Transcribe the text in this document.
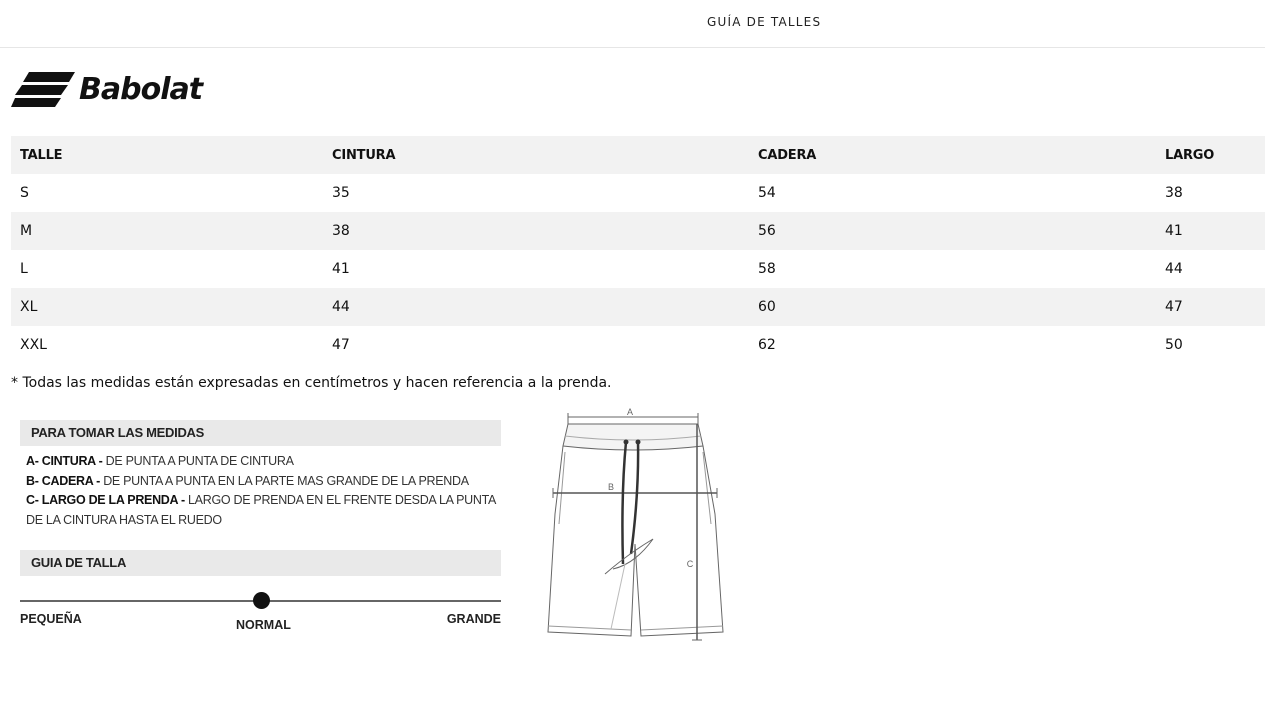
GUÍA DE TALLES
Babolat
TALLE	CINTURA	CADERA	LARGO
S	35	54	38
M	38	56	41
L	41	58	44
XL	44	60	47
XXL	47	62	50
* Todas las medidas están expresadas en centímetros y hacen referencia a la prenda.
PARA TOMAR LAS MEDIDAS
A- CINTURA - DE PUNTA A PUNTA DE CINTURA
B- CADERA - DE PUNTA A PUNTA EN LA PARTE MAS GRANDE DE LA PRENDA
C- LARGO DE LA PRENDA - LARGO DE PRENDA EN EL FRENTE DESDA LA PUNTA DE LA CINTURA HASTA EL RUEDO
GUIA DE TALLA
PEQUEÑA	NORMAL	GRANDE
A
B
C
